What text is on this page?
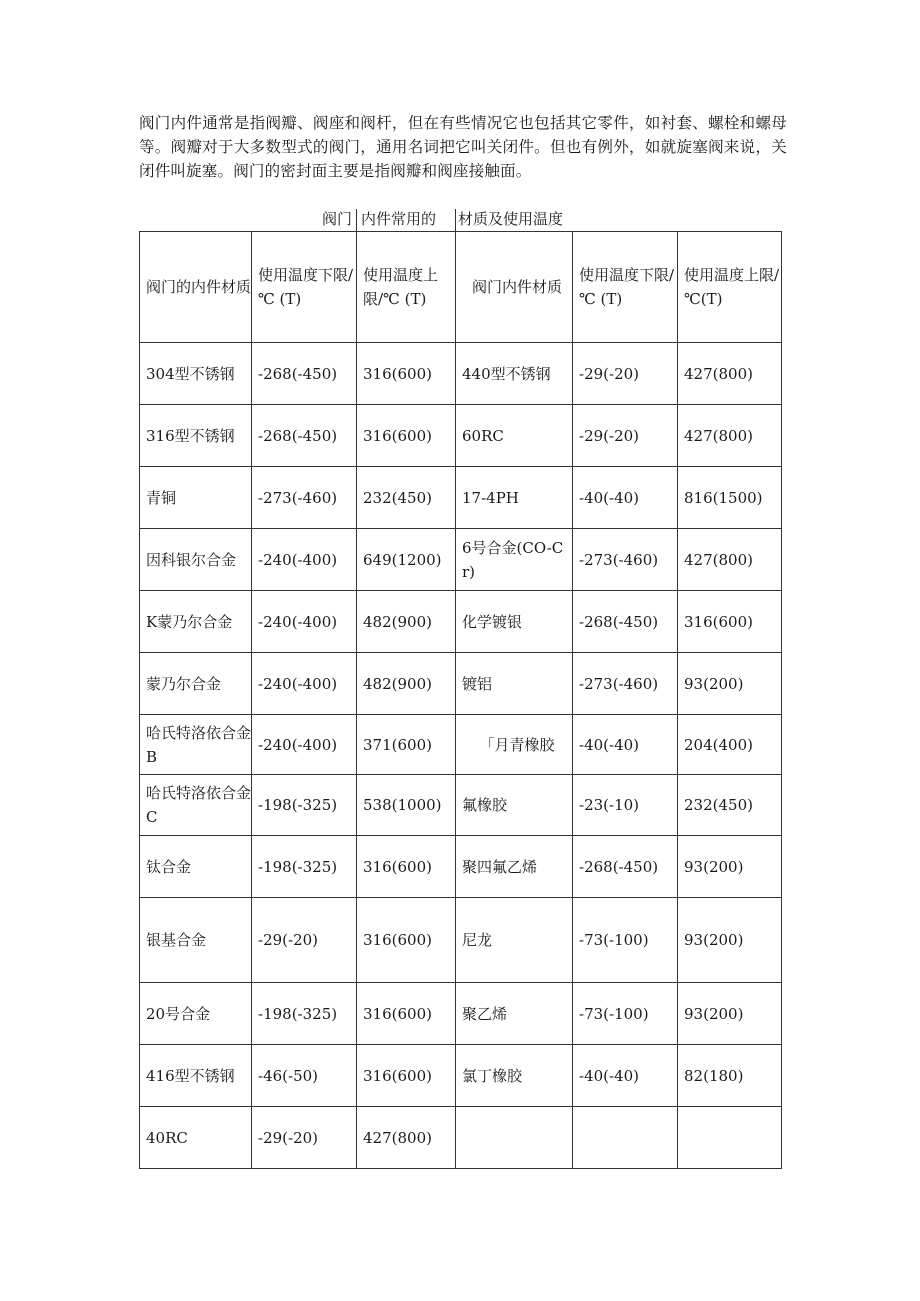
阀门内件通常是指阀瓣、阀座和阀杆，但在有些情况它也包括其它零件，如衬套、螺栓和螺母等。阀瓣对于大多数型式的阀门，通用名词把它叫关闭件。但也有例外，如就旋塞阀来说，关闭件叫旋塞。阀门的密封面主要是指阀瓣和阀座接触面。

阀门 内件常用的 材质及使用温度
阀门的内件材质	使用温度下限/℃ (T)	使用温度上限/℃ (T)	阀门内件材质	使用温度下限/℃ (T)	使用温度上限/℃(T)
304型不锈钢	-268(-450)	316(600)	440型不锈钢	-29(-20)	427(800)
316型不锈钢	-268(-450)	316(600)	60RC	-29(-20)	427(800)
青铜	-273(-460)	232(450)	17-4PH	-40(-40)	816(1500)
因科银尔合金	-240(-400)	649(1200)	6号合金(CO-Cr)	-273(-460)	427(800)
K蒙乃尔合金	-240(-400)	482(900)	化学镀银	-268(-450)	316(600)
蒙乃尔合金	-240(-400)	482(900)	镀铝	-273(-460)	93(200)
哈氏特洛依合金B	-240(-400)	371(600)	「月青橡胶	-40(-40)	204(400)
哈氏特洛依合金C	-198(-325)	538(1000)	氟橡胶	-23(-10)	232(450)
钛合金	-198(-325)	316(600)	聚四氟乙烯	-268(-450)	93(200)
银基合金	-29(-20)	316(600)	尼龙	-73(-100)	93(200)
20号合金	-198(-325)	316(600)	聚乙烯	-73(-100)	93(200)
416型不锈钢	-46(-50)	316(600)	氯丁橡胶	-40(-40)	82(180)
40RC	-29(-20)	427(800)			
